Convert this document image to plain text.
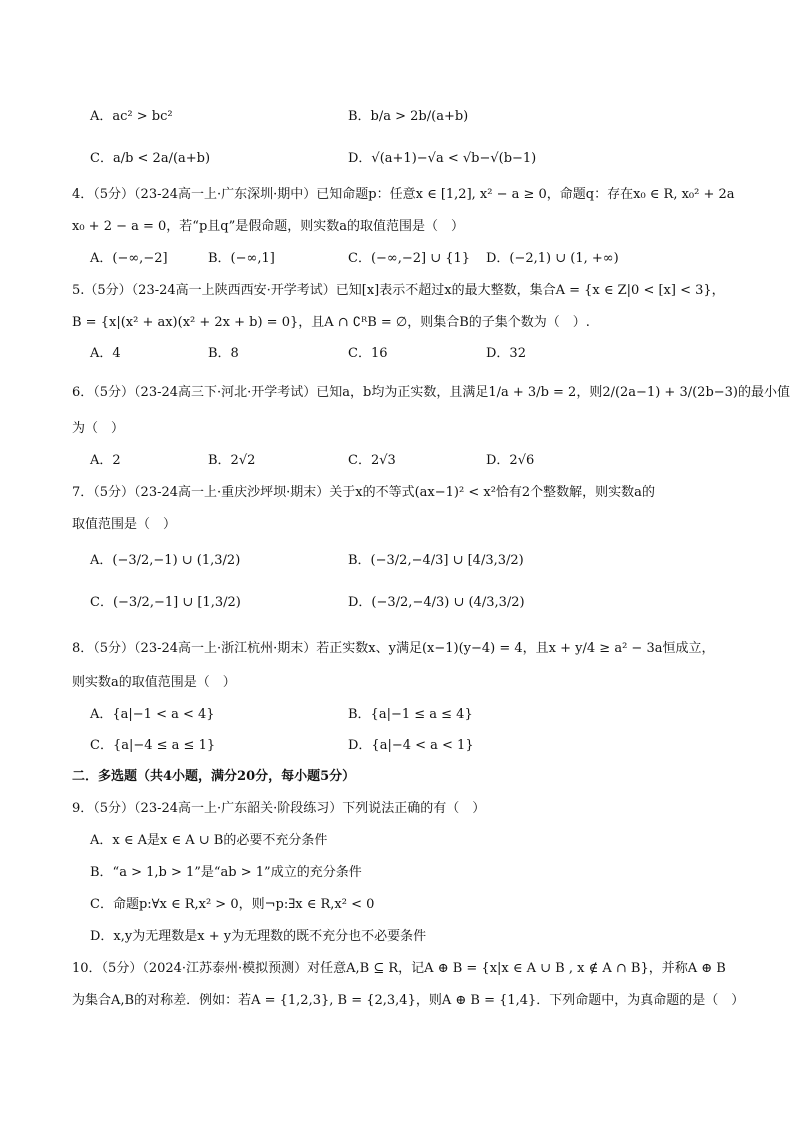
A．ac² > bc²	B．b/a > 2b/(a+b)
C．a/b < 2a/(a+b)	D．√(a+1)−√a < √b−√(b−1)
4．（5分）（23-24高一上·广东深圳·期中）已知命题p：任意x ∈ [1,2], x² − a ≥ 0，命题q：存在x₀ ∈ R, x₀² + 2a
x₀ + 2 − a = 0，若“p且q”是假命题，则实数a的取值范围是（　）
A．(−∞,−2]	B．(−∞,1]	C．(−∞,−2] ∪ {1} D．(−2,1) ∪ (1, +∞)
5.（5分）（23-24高一上陕西西安·开学考试）已知[x]表示不超过x的最大整数，集合A = {x ∈ Z|0 < [x] < 3}，
B = {x|(x² + ax)(x² + 2x + b) = 0}，且A ∩ ∁ᴿB = ∅，则集合B的子集个数为（　）.
A．4	B．8	C．16	D．32
6．（5分）（23-24高三下·河北·开学考试）已知a，b均为正实数，且满足1/a + 3/b = 2，则2/(2a−1) + 3/(2b−3)的最小值
为（　）
A．2	B．2√2	C．2√3	D．2√6
7．（5分）（23-24高一上·重庆沙坪坝·期末）关于x的不等式(ax−1)² < x²恰有2个整数解，则实数a的
取值范围是（　）
A．(−3/2,−1) ∪ (1,3/2)	B．(−3/2,−4/3] ∪ [4/3,3/2)
C．(−3/2,−1] ∪ [1,3/2)	D．(−3/2,−4/3) ∪ (4/3,3/2)
8．（5分）（23-24高一上·浙江杭州·期末）若正实数x、y满足(x−1)(y−4) = 4，且x + y/4 ≥ a² − 3a恒成立，
则实数a的取值范围是（　）
A．{a|−1 < a < 4}	B．{a|−1 ≤ a ≤ 4}
C．{a|−4 ≤ a ≤ 1}	D．{a|−4 < a < 1}
二．多选题（共4小题，满分20分，每小题5分）
9．（5分）（23-24高一上·广东韶关·阶段练习）下列说法正确的有（　）
A．x ∈ A是x ∈ A ∪ B的必要不充分条件
B．“a > 1,b > 1”是“ab > 1”成立的充分条件
C．命题p:∀x ∈ R,x² > 0，则¬p:∃x ∈ R,x² < 0
D．x,y为无理数是x + y为无理数的既不充分也不必要条件
10．（5分）（2024·江苏泰州·模拟预测）对任意A,B ⊆ R，记A ⊕ B = {x|x ∈ A ∪ B , x ∉ A ∩ B}，并称A ⊕ B
为集合A,B的对称差．例如：若A = {1,2,3}, B = {2,3,4}，则A ⊕ B = {1,4}．下列命题中，为真命题的是（　）
